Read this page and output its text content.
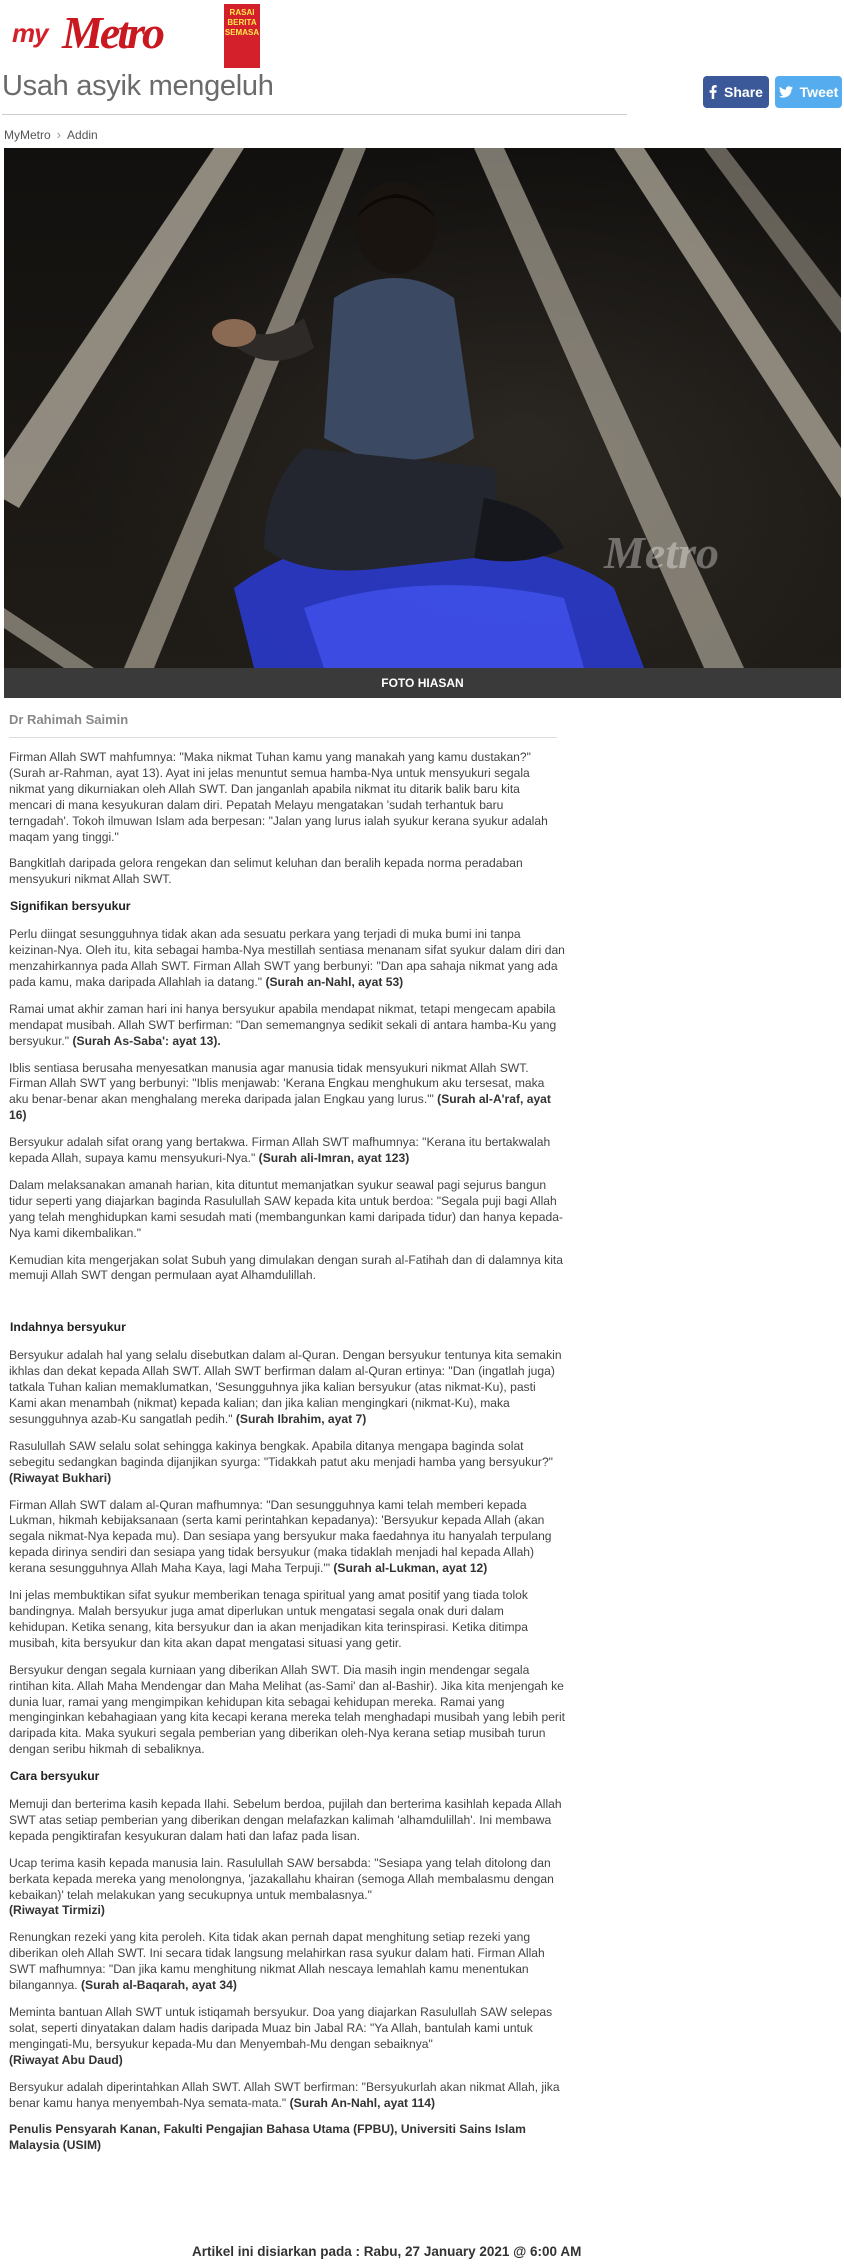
my Metro	RASAI BERITA SEMASA
Usah asyik mengeluh	Share	Tweet
MyMetro › Addin
Metro
FOTO HIASAN
Dr Rahimah Saimin

Firman Allah SWT mahfumnya: "Maka nikmat Tuhan kamu yang manakah yang kamu dustakan?" (Surah ar-Rahman, ayat 13). Ayat ini jelas menuntut semua hamba-Nya untuk mensyukuri segala nikmat yang dikurniakan oleh Allah SWT. Dan janganlah apabila nikmat itu ditarik balik baru kita mencari di mana kesyukuran dalam diri. Pepatah Melayu mengatakan 'sudah terhantuk baru terngadah'. Tokoh ilmuwan Islam ada berpesan: "Jalan yang lurus ialah syukur kerana syukur adalah maqam yang tinggi."

Bangkitlah daripada gelora rengekan dan selimut keluhan dan beralih kepada norma peradaban mensyukuri nikmat Allah SWT.

Signifikan bersyukur

Perlu diingat sesungguhnya tidak akan ada sesuatu perkara yang terjadi di muka bumi ini tanpa keizinan-Nya. Oleh itu, kita sebagai hamba-Nya mestillah sentiasa menanam sifat syukur dalam diri dan menzahirkannya pada Allah SWT. Firman Allah SWT yang berbunyi: "Dan apa sahaja nikmat yang ada pada kamu, maka daripada Allahlah ia datang." (Surah an-Nahl, ayat 53)

Ramai umat akhir zaman hari ini hanya bersyukur apabila mendapat nikmat, tetapi mengecam apabila mendapat musibah. Allah SWT berfirman: "Dan sememangnya sedikit sekali di antara hamba-Ku yang bersyukur." (Surah As-Saba': ayat 13).

Iblis sentiasa berusaha menyesatkan manusia agar manusia tidak mensyukuri nikmat Allah SWT. Firman Allah SWT yang berbunyi: "Iblis menjawab: 'Kerana Engkau menghukum aku tersesat, maka aku benar-benar akan menghalang mereka daripada jalan Engkau yang lurus.'" (Surah al-A'raf, ayat 16)

Bersyukur adalah sifat orang yang bertakwa. Firman Allah SWT mafhumnya: "Kerana itu bertakwalah kepada Allah, supaya kamu mensyukuri-Nya." (Surah ali-Imran, ayat 123)

Dalam melaksanakan amanah harian, kita dituntut memanjatkan syukur seawal pagi sejurus bangun tidur seperti yang diajarkan baginda Rasulullah SAW kepada kita untuk berdoa: "Segala puji bagi Allah yang telah menghidupkan kami sesudah mati (membangunkan kami daripada tidur) dan hanya kepada-Nya kami dikembalikan."

Kemudian kita mengerjakan solat Subuh yang dimulakan dengan surah al-Fatihah dan di dalamnya kita memuji Allah SWT dengan permulaan ayat Alhamdulillah.

Indahnya bersyukur

Bersyukur adalah hal yang selalu disebutkan dalam al-Quran. Dengan bersyukur tentunya kita semakin ikhlas dan dekat kepada Allah SWT. Allah SWT berfirman dalam al-Quran ertinya: "Dan (ingatlah juga) tatkala Tuhan kalian memaklumatkan, 'Sesungguhnya jika kalian bersyukur (atas nikmat-Ku), pasti Kami akan menambah (nikmat) kepada kalian; dan jika kalian mengingkari (nikmat-Ku), maka sesungguhnya azab-Ku sangatlah pedih." (Surah Ibrahim, ayat 7)

Rasulullah SAW selalu solat sehingga kakinya bengkak. Apabila ditanya mengapa baginda solat sebegitu sedangkan baginda dijanjikan syurga: "Tidakkah patut aku menjadi hamba yang bersyukur?" (Riwayat Bukhari)

Firman Allah SWT dalam al-Quran mafhumnya: "Dan sesungguhnya kami telah memberi kepada Lukman, hikmah kebijaksanaan (serta kami perintahkan kepadanya): 'Bersyukur kepada Allah (akan segala nikmat-Nya kepada mu). Dan sesiapa yang bersyukur maka faedahnya itu hanyalah terpulang kepada dirinya sendiri dan sesiapa yang tidak bersyukur (maka tidaklah menjadi hal kepada Allah) kerana sesungguhnya Allah Maha Kaya, lagi Maha Terpuji.'" (Surah al-Lukman, ayat 12)

Ini jelas membuktikan sifat syukur memberikan tenaga spiritual yang amat positif yang tiada tolok bandingnya. Malah bersyukur juga amat diperlukan untuk mengatasi segala onak duri dalam kehidupan. Ketika senang, kita bersyukur dan ia akan menjadikan kita terinspirasi. Ketika ditimpa musibah, kita bersyukur dan kita akan dapat mengatasi situasi yang getir.

Bersyukur dengan segala kurniaan yang diberikan Allah SWT. Dia masih ingin mendengar segala rintihan kita. Allah Maha Mendengar dan Maha Melihat (as-Sami' dan al-Bashir). Jika kita menjengah ke dunia luar, ramai yang mengimpikan kehidupan kita sebagai kehidupan mereka. Ramai yang menginginkan kebahagiaan yang kita kecapi kerana mereka telah menghadapi musibah yang lebih perit daripada kita. Maka syukuri segala pemberian yang diberikan oleh-Nya kerana setiap musibah turun dengan seribu hikmah di sebaliknya.

Cara bersyukur

Memuji dan berterima kasih kepada Ilahi. Sebelum berdoa, pujilah dan berterima kasihlah kepada Allah SWT atas setiap pemberian yang diberikan dengan melafazkan kalimah 'alhamdulillah'. Ini membawa kepada pengiktirafan kesyukuran dalam hati dan lafaz pada lisan.

Ucap terima kasih kepada manusia lain. Rasulullah SAW bersabda: "Sesiapa yang telah ditolong dan berkata kepada mereka yang menolongnya, 'jazakallahu khairan (semoga Allah membalasmu dengan kebaikan)' telah melakukan yang secukupnya untuk membalasnya."
(Riwayat Tirmizi)

Renungkan rezeki yang kita peroleh. Kita tidak akan pernah dapat menghitung setiap rezeki yang diberikan oleh Allah SWT. Ini secara tidak langsung melahirkan rasa syukur dalam hati. Firman Allah SWT mafhumnya: "Dan jika kamu menghitung nikmat Allah nescaya lemahlah kamu menentukan bilangannya. (Surah al-Baqarah, ayat 34)

Meminta bantuan Allah SWT untuk istiqamah bersyukur. Doa yang diajarkan Rasulullah SAW selepas solat, seperti dinyatakan dalam hadis daripada Muaz bin Jabal RA: "Ya Allah, bantulah kami untuk mengingati-Mu, bersyukur kepada-Mu dan Menyembah-Mu dengan sebaiknya"
(Riwayat Abu Daud)

Bersyukur adalah diperintahkan Allah SWT. Allah SWT berfirman: "Bersyukurlah akan nikmat Allah, jika benar kamu hanya menyembah-Nya semata-mata." (Surah An-Nahl, ayat 114)

Penulis Pensyarah Kanan, Fakulti Pengajian Bahasa Utama (FPBU), Universiti Sains Islam Malaysia (USIM)

Artikel ini disiarkan pada : Rabu, 27 January 2021 @ 6:00 AM
